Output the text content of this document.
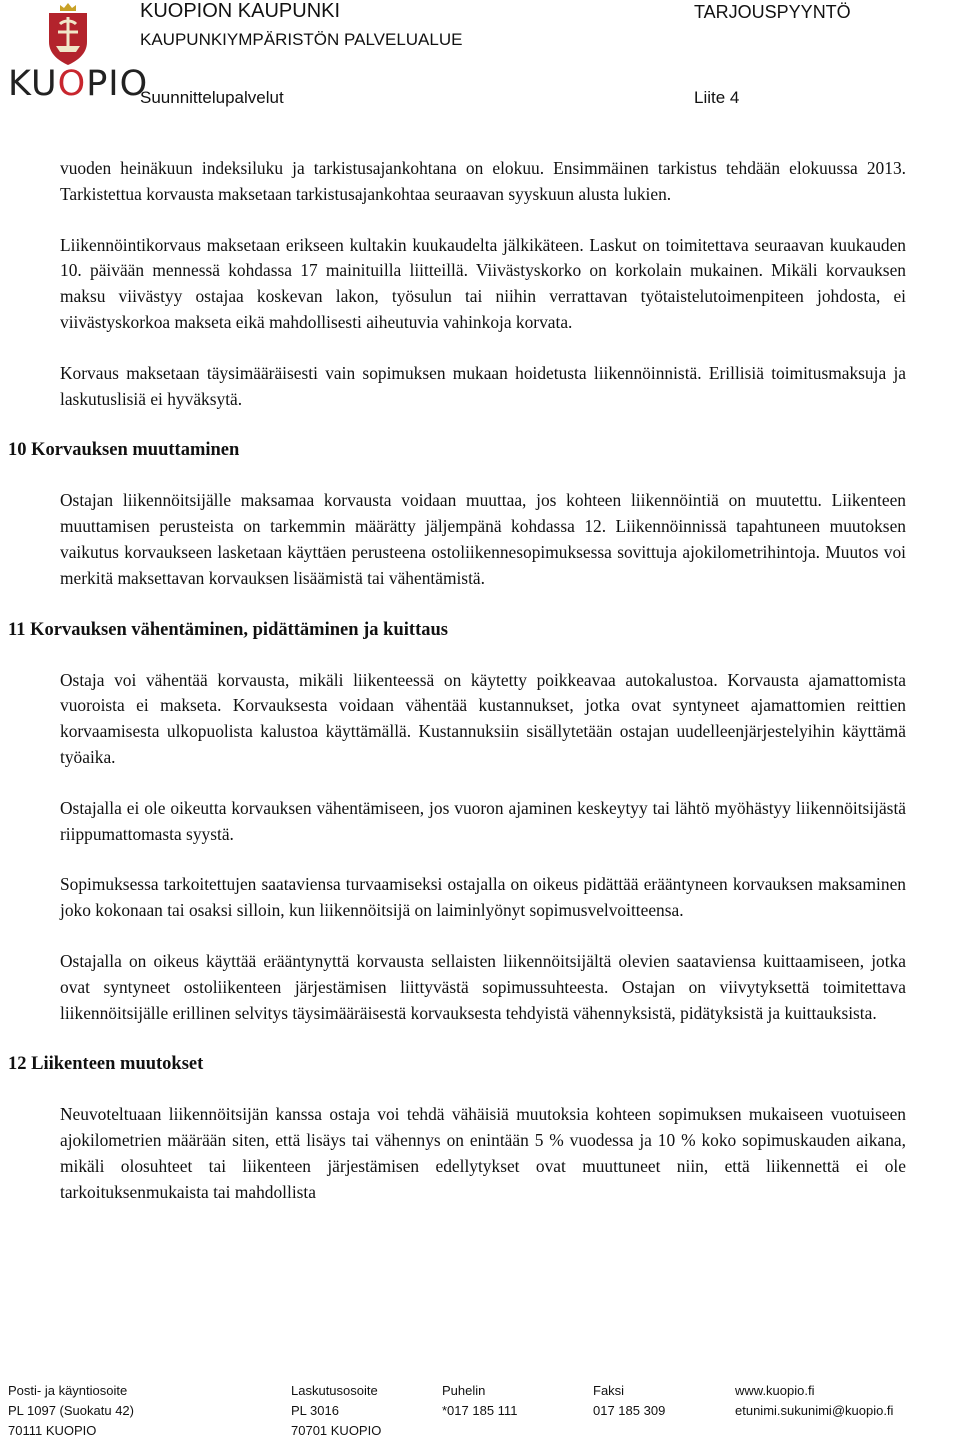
KUOPIO
KUOPION KAUPUNKI
KAUPUNKIYMPÄRISTÖN PALVELUALUE
Suunnittelupalvelut
TARJOUSPYYNTÖ
Liite 4

vuoden heinäkuun indeksiluku ja tarkistusajankohtana on elokuu. Ensimmäinen tarkistus tehdään elokuussa 2013. Tarkistettua korvausta maksetaan tarkistusajankohtaa seuraavan syyskuun alusta lukien.

Liikennöintikorvaus maksetaan erikseen kultakin kuukaudelta jälkikäteen. Laskut on toimitettava seuraavan kuukauden 10. päivään mennessä kohdassa 17 mainituilla liitteillä. Viivästyskorko on korkolain mukainen. Mikäli korvauksen maksu viivästyy ostajaa koskevan lakon, työsulun tai niihin verrattavan työtaistelutoimenpiteen johdosta, ei viivästyskorkoa makseta eikä mahdollisesti aiheutuvia vahinkoja korvata.

Korvaus maksetaan täysimääräisesti vain sopimuksen mukaan hoidetusta liikennöinnistä. Erillisiä toimitusmaksuja ja laskutuslisiä ei hyväksytä.

10 Korvauksen muuttaminen

Ostajan liikennöitsijälle maksamaa korvausta voidaan muuttaa, jos kohteen liikennöintiä on muutettu. Liikenteen muuttamisen perusteista on tarkemmin määrätty jäljempänä kohdassa 12. Liikennöinnissä tapahtuneen muutoksen vaikutus korvaukseen lasketaan käyttäen perusteena ostoliikennesopimuksessa sovittuja ajokilometrihintoja. Muutos voi merkitä maksettavan korvauksen lisäämistä tai vähentämistä.

11 Korvauksen vähentäminen, pidättäminen ja kuittaus

Ostaja voi vähentää korvausta, mikäli liikenteessä on käytetty poikkeavaa autokalustoa. Korvausta ajamattomista vuoroista ei makseta. Korvauksesta voidaan vähentää kustannukset, jotka ovat syntyneet ajamattomien reittien korvaamisesta ulkopuolista kalustoa käyttämällä. Kustannuksiin sisällytetään ostajan uudelleenjärjestelyihin käyttämä työaika.

Ostajalla ei ole oikeutta korvauksen vähentämiseen, jos vuoron ajaminen keskeytyy tai lähtö myöhästyy liikennöitsijästä riippumattomasta syystä.

Sopimuksessa tarkoitettujen saataviensa turvaamiseksi ostajalla on oikeus pidättää erääntyneen korvauksen maksaminen joko kokonaan tai osaksi silloin, kun liikennöitsijä on laiminlyönyt sopimusvelvoitteensa.

Ostajalla on oikeus käyttää erääntynyttä korvausta sellaisten liikennöitsijältä olevien saataviensa kuittaamiseen, jotka ovat syntyneet ostoliikenteen järjestämisen liittyvästä sopimussuhteesta. Ostajan on viivytyksettä toimitettava liikennöitsijälle erillinen selvitys täysimääräisestä korvauksesta tehdyistä vähennyksistä, pidätyksistä ja kuittauksista.

12 Liikenteen muutokset

Neuvoteltuaan liikennöitsijän kanssa ostaja voi tehdä vähäisiä muutoksia kohteen sopimuksen mukaiseen vuotuiseen ajokilometrien määrään siten, että lisäys tai vähennys on enintään 5 % vuodessa ja 10 % koko sopimuskauden aikana, mikäli olosuhteet tai liikenteen järjestämisen edellytykset ovat muuttuneet niin, että liikennettä ei ole tarkoituksenmukaista tai mahdollista

Posti- ja käyntiosoite
PL 1097 (Suokatu 42)
70111 KUOPIO
Laskutusosoite
PL 3016
70701 KUOPIO
Puhelin
*017 185 111
Faksi
017 185 309
www.kuopio.fi
etunimi.sukunimi@kuopio.fi
